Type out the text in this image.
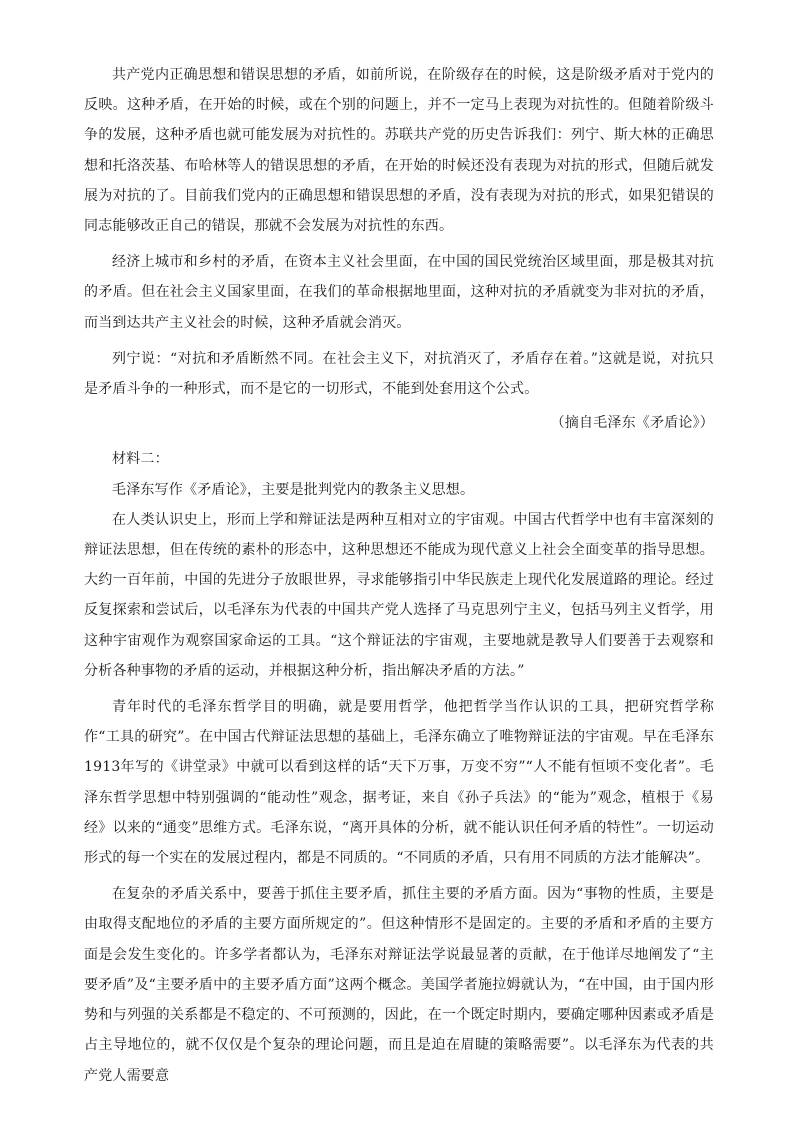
共产党内正确思想和错误思想的矛盾，如前所说，在阶级存在的时候，这是阶级矛盾对于党内的反映。这种矛盾，在开始的时候，或在个别的问题上，并不一定马上表现为对抗性的。但随着阶级斗争的发展，这种矛盾也就可能发展为对抗性的。苏联共产党的历史告诉我们：列宁、斯大林的正确思想和托洛茨基、布哈林等人的错误思想的矛盾，在开始的时候还没有表现为对抗的形式，但随后就发展为对抗的了。目前我们党内的正确思想和错误思想的矛盾，没有表现为对抗的形式，如果犯错误的同志能够改正自己的错误，那就不会发展为对抗性的东西。

经济上城市和乡村的矛盾，在资本主义社会里面，在中国的国民党统治区域里面，那是极其对抗的矛盾。但在社会主义国家里面，在我们的革命根据地里面，这种对抗的矛盾就变为非对抗的矛盾，而当到达共产主义社会的时候，这种矛盾就会消灭。

列宁说：“对抗和矛盾断然不同。在社会主义下，对抗消灭了，矛盾存在着。”这就是说，对抗只是矛盾斗争的一种形式，而不是它的一切形式，不能到处套用这个公式。

（摘自毛泽东《矛盾论》）

材料二：

毛泽东写作《矛盾论》，主要是批判党内的教条主义思想。

在人类认识史上，形而上学和辩证法是两种互相对立的宇宙观。中国古代哲学中也有丰富深刻的辩证法思想，但在传统的素朴的形态中，这种思想还不能成为现代意义上社会全面变革的指导思想。大约一百年前，中国的先进分子放眼世界，寻求能够指引中华民族走上现代化发展道路的理论。经过反复探索和尝试后，以毛泽东为代表的中国共产党人选择了马克思列宁主义，包括马列主义哲学，用这种宇宙观作为观察国家命运的工具。“这个辩证法的宇宙观，主要地就是教导人们要善于去观察和分析各种事物的矛盾的运动，并根据这种分析，指出解决矛盾的方法。”

青年时代的毛泽东哲学目的明确，就是要用哲学，他把哲学当作认识的工具，把研究哲学称作“工具的研究”。在中国古代辩证法思想的基础上，毛泽东确立了唯物辩证法的宇宙观。早在毛泽东1913年写的《讲堂录》中就可以看到这样的话“天下万事，万变不穷”“人不能有恒顷不变化者”。毛泽东哲学思想中特别强调的“能动性”观念，据考证，来自《孙子兵法》的“能为”观念，植根于《易经》以来的“通变”思维方式。毛泽东说，“离开具体的分析，就不能认识任何矛盾的特性”。一切运动形式的每一个实在的发展过程内，都是不同质的。“不同质的矛盾，只有用不同质的方法才能解决”。

在复杂的矛盾关系中，要善于抓住主要矛盾，抓住主要的矛盾方面。因为“事物的性质，主要是由取得支配地位的矛盾的主要方面所规定的”。但这种情形不是固定的。主要的矛盾和矛盾的主要方面是会发生变化的。许多学者都认为，毛泽东对辩证法学说最显著的贡献，在于他详尽地阐发了“主要矛盾”及“主要矛盾中的主要矛盾方面”这两个概念。美国学者施拉姆就认为，“在中国，由于国内形势和与列强的关系都是不稳定的、不可预测的，因此，在一个既定时期内，要确定哪种因素或矛盾是占主导地位的，就不仅仅是个复杂的理论问题，而且是迫在眉睫的策略需要”。以毛泽东为代表的共产党人需要意
